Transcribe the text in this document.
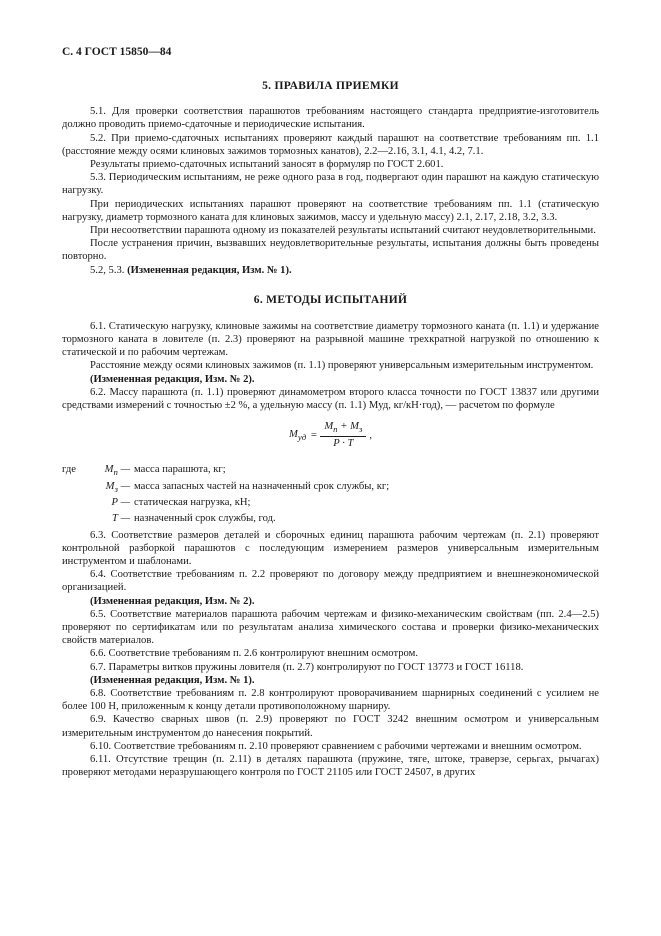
С. 4 ГОСТ 15850—84
5. ПРАВИЛА ПРИЕМКИ

5.1. Для проверки соответствия парашютов требованиям настоящего стандарта предприятие-изготовитель должно проводить приемо-сдаточные и периодические испытания.

5.2. При приемо-сдаточных испытаниях проверяют каждый парашют на соответствие требованиям пп. 1.1 (расстояние между осями клиновых зажимов тормозных канатов), 2.2—2.16, 3.1, 4.1, 4.2, 7.1.

Результаты приемо-сдаточных испытаний заносят в формуляр по ГОСТ 2.601.

5.3. Периодическим испытаниям, не реже одного раза в год, подвергают один парашют на каждую статическую нагрузку.

При периодических испытаниях парашют проверяют на соответствие требованиям пп. 1.1 (статическую нагрузку, диаметр тормозного каната для клиновых зажимов, массу и удельную массу) 2.1, 2.17, 2.18, 3.2, 3.3.

При несоответствии парашюта одному из показателей результаты испытаний считают неудовлетворительными.

После устранения причин, вызвавших неудовлетворительные результаты, испытания должны быть проведены повторно.

5.2, 5.3. (Измененная редакция, Изм. № 1).

6. МЕТОДЫ ИСПЫТАНИЙ

6.1. Статическую нагрузку, клиновые зажимы на соответствие диаметру тормозного каната (п. 1.1) и удержание тормозного каната в ловителе (п. 2.3) проверяют на разрывной машине трехкратной нагрузкой по отношению к статической и по рабочим чертежам.

Расстояние между осями клиновых зажимов (п. 1.1) проверяют универсальным измерительным инструментом.

(Измененная редакция, Изм. № 2).

6.2. Массу парашюта (п. 1.1) проверяют динамометром второго класса точности по ГОСТ 13837 или другими средствами измерений с точностью ±2 %, а удельную массу (п. 1.1) Mуд, кг/кН·год), — расчетом по формуле

$M_{уд} = \frac{M_п + M_з}{P \cdot T}$ ,
где	$M_п$ — масса парашюта, кг;
$M_з$ — масса запасных частей на назначенный срок службы, кг;
P — статическая нагрузка, кН;
T — назначенный срок службы, год.

6.3. Соответствие размеров деталей и сборочных единиц парашюта рабочим чертежам (п. 2.1) проверяют контрольной разборкой парашютов с последующим измерением размеров универсальным измерительным инструментом и шаблонами.

6.4. Соответствие требованиям п. 2.2 проверяют по договору между предприятием и внешнеэкономической организацией.

(Измененная редакция, Изм. № 2).

6.5. Соответствие материалов парашюта рабочим чертежам и физико-механическим свойствам (пп. 2.4—2.5) проверяют по сертификатам или по результатам анализа химического состава и проверки физико-механических свойств материалов.

6.6. Соответствие требованиям п. 2.6 контролируют внешним осмотром.

6.7. Параметры витков пружины ловителя (п. 2.7) контролируют по ГОСТ 13773 и ГОСТ 16118.

(Измененная редакция, Изм. № 1).

6.8. Соответствие требованиям п. 2.8 контролируют проворачиванием шарнирных соединений с усилием не более 100 Н, приложенным к концу детали противоположному шарниру.

6.9. Качество сварных швов (п. 2.9) проверяют по ГОСТ 3242 внешним осмотром и универсальным измерительным инструментом до нанесения покрытий.

6.10. Соответствие требованиям п. 2.10 проверяют сравнением с рабочими чертежами и внешним осмотром.

6.11. Отсутствие трещин (п. 2.11) в деталях парашюта (пружине, тяге, штоке, траверзе, серьгах, рычагах) проверяют методами неразрушающего контроля по ГОСТ 21105 или ГОСТ 24507, в других
